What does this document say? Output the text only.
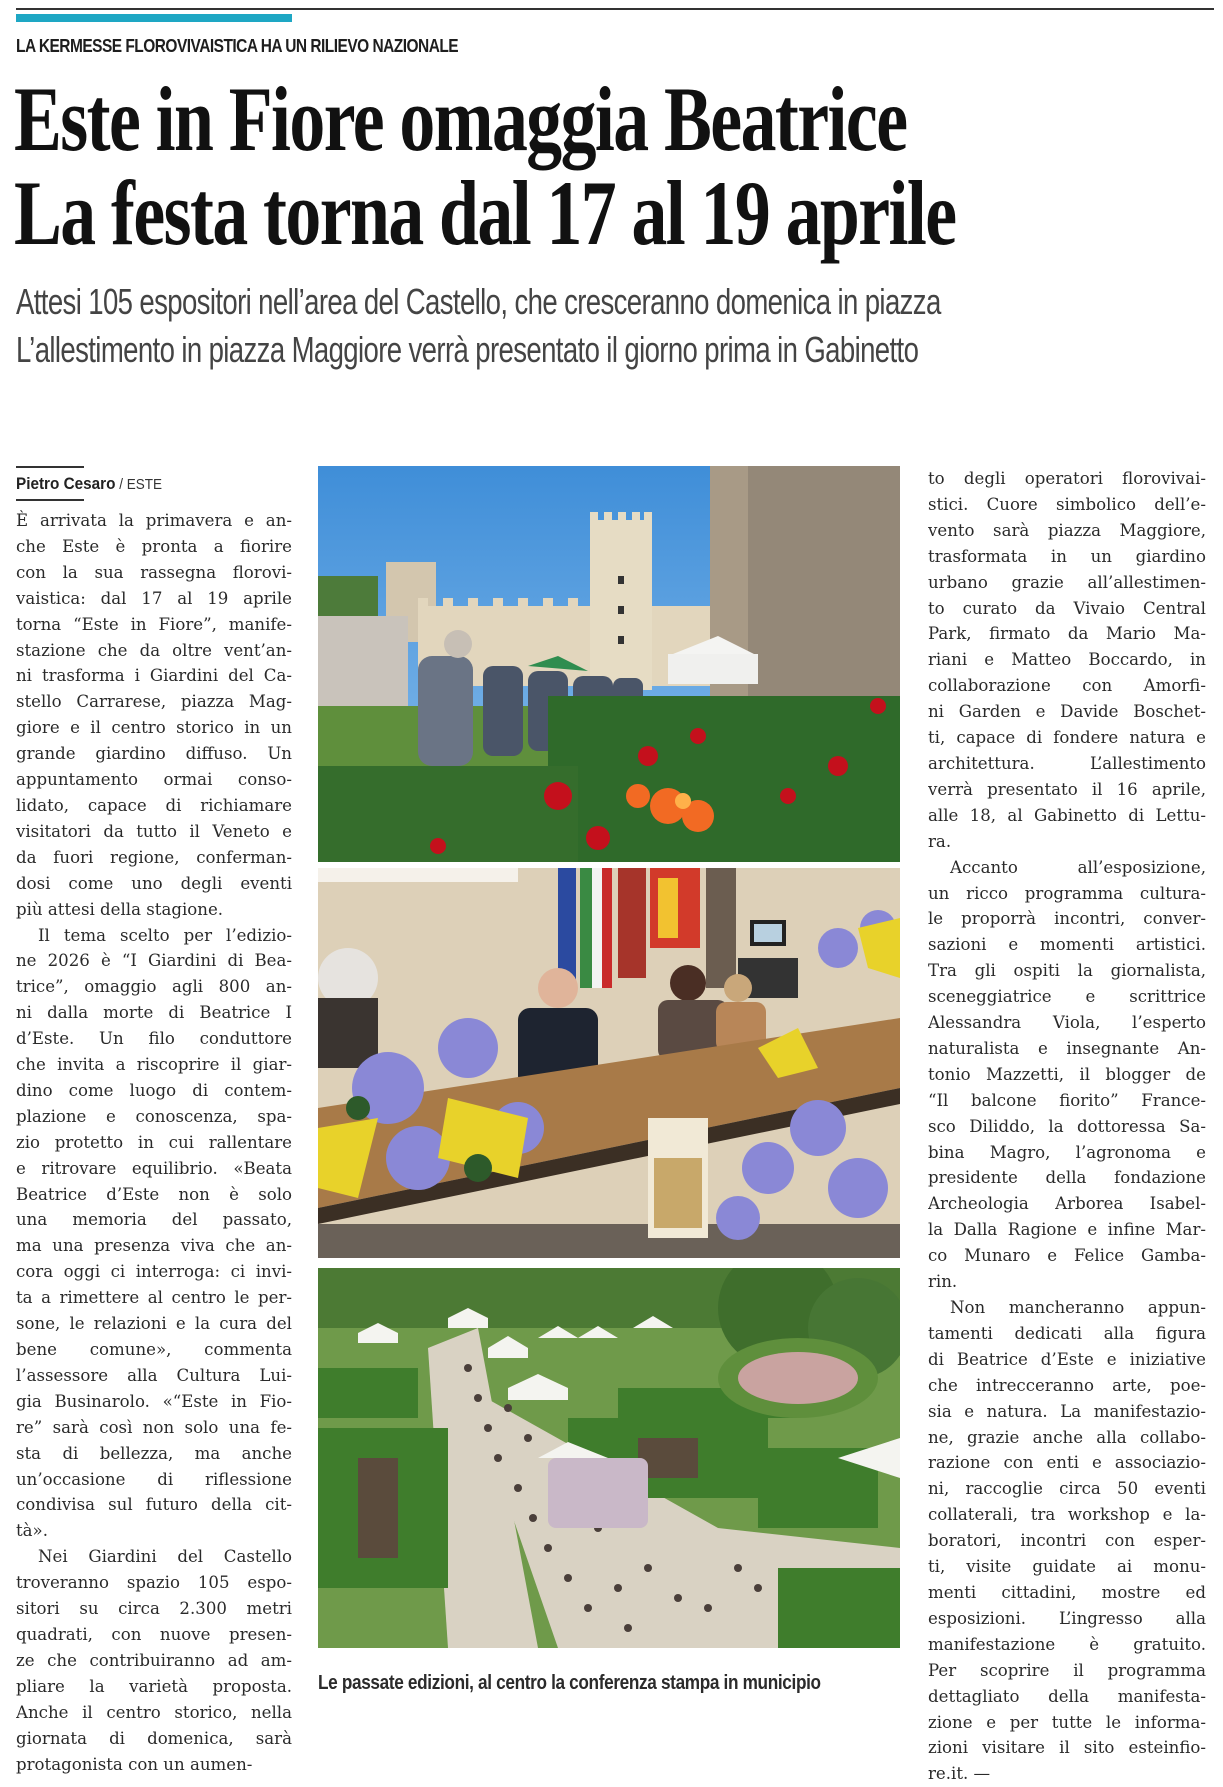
LA KERMESSE FLOROVIVAISTICA HA UN RILIEVO NAZIONALE
Este in Fiore omaggia Beatrice
La festa torna dal 17 al 19 aprile
Attesi 105 espositori nell’area del Castello, che cresceranno domenica in piazza
L’allestimento in piazza Maggiore verrà presentato il giorno prima in Gabinetto
Pietro Cesaro / ESTE
È arrivata la primavera e an-
che Este è pronta a fiorire
con la sua rassegna florovi-
vaistica: dal 17 al 19 aprile
torna “Este in Fiore”, manife-
stazione che da oltre vent’an-
ni trasforma i Giardini del Ca-
stello Carrarese, piazza Mag-
giore e il centro storico in un
grande giardino diffuso. Un
appuntamento ormai conso-
lidato, capace di richiamare
visitatori da tutto il Veneto e
da fuori regione, conferman-
dosi come uno degli eventi
più attesi della stagione.
Il tema scelto per l’edizio-
ne 2026 è “I Giardini di Bea-
trice”, omaggio agli 800 an-
ni dalla morte di Beatrice I
d’Este. Un filo conduttore
che invita a riscoprire il giar-
dino come luogo di contem-
plazione e conoscenza, spa-
zio protetto in cui rallentare
e ritrovare equilibrio. «Beata
Beatrice d’Este non è solo
una memoria del passato,
ma una presenza viva che an-
cora oggi ci interroga: ci invi-
ta a rimettere al centro le per-
sone, le relazioni e la cura del
bene comune», commenta
l’assessore alla Cultura Lui-
gia Businarolo. «“Este in Fio-
re” sarà così non solo una fe-
sta di bellezza, ma anche
un’occasione di riflessione
condivisa sul futuro della cit-
tà».
Nei Giardini del Castello
troveranno spazio 105 espo-
sitori su circa 2.300 metri
quadrati, con nuove presen-
ze che contribuiranno ad am-
pliare la varietà proposta.
Anche il centro storico, nella
giornata di domenica, sarà
protagonista con un aumen-
to degli operatori florovivai-
stici. Cuore simbolico dell’e-
vento sarà piazza Maggiore,
trasformata in un giardino
urbano grazie all’allestimen-
to curato da Vivaio Central
Park, firmato da Mario Ma-
riani e Matteo Boccardo, in
collaborazione con Amorfi-
ni Garden e Davide Boschet-
ti, capace di fondere natura e
architettura. L’allestimento
verrà presentato il 16 aprile,
alle 18, al Gabinetto di Lettu-
ra.
Accanto all’esposizione,
un ricco programma cultura-
le proporrà incontri, conver-
sazioni e momenti artistici.
Tra gli ospiti la giornalista,
sceneggiatrice e scrittrice
Alessandra Viola, l’esperto
naturalista e insegnante An-
tonio Mazzetti, il blogger de
“Il balcone fiorito” France-
sco Diliddo, la dottoressa Sa-
bina Magro, l’agronoma e
presidente della fondazione
Archeologia Arborea Isabel-
la Dalla Ragione e infine Mar-
co Munaro e Felice Gamba-
rin.
Non mancheranno appun-
tamenti dedicati alla figura
di Beatrice d’Este e iniziative
che intrecceranno arte, poe-
sia e natura. La manifestazio-
ne, grazie anche alla collabo-
razione con enti e associazio-
ni, raccoglie circa 50 eventi
collaterali, tra workshop e la-
boratori, incontri con esper-
ti, visite guidate ai monu-
menti cittadini, mostre ed
esposizioni. L’ingresso alla
manifestazione è gratuito.
Per scoprire il programma
dettagliato della manifesta-
zione e per tutte le informa-
zioni visitare il sito esteinfio-
re.it. —
Le passate edizioni, al centro la conferenza stampa in municipio
